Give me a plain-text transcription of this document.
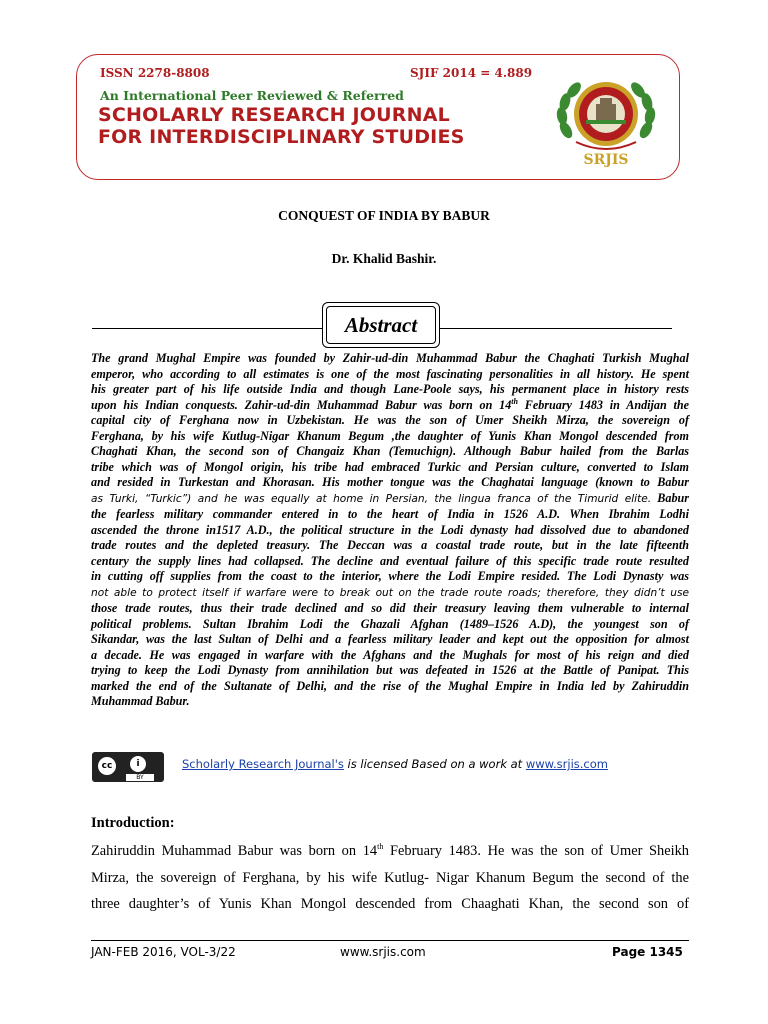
ISSN 2278-8808	SJIF 2014 = 4.889
An International Peer Reviewed & Referred
SCHOLARLY RESEARCH JOURNAL
FOR INTERDISCIPLINARY STUDIES
SRJIS
CONQUEST OF INDIA BY BABUR
Dr. Khalid Bashir.
Abstract
The grand Mughal Empire was founded by Zahir-ud-din Muhammad Babur the Chaghati Turkish Mughal
emperor, who according to all estimates is one of the most fascinating personalities in all history. He spent
his greater part of his life outside India and though Lane-Poole says, his permanent place in history rests
upon his Indian conquests. Zahir-ud-din Muhammad Babur was born on 14th February 1483 in Andijan the
capital city of Ferghana now in Uzbekistan. He was the son of Umer Sheikh Mirza, the sovereign of
Ferghana, by his wife Kutlug-Nigar Khanum Begum ,the daughter of Yunis Khan Mongol descended from
Chaghati Khan, the second son of Changaiz Khan (Temuchign). Although Babur hailed from the Barlas
tribe which was of Mongol origin, his tribe had embraced Turkic and Persian culture, converted to Islam
and resided in Turkestan and Khorasan. His mother tongue was the Chaghatai language (known to Babur
as Turki, “Turkic”) and he was equally at home in Persian, the lingua franca of the Timurid elite. Babur
the fearless military commander entered in to the heart of India in 1526 A.D. When Ibrahim Lodhi
ascended the throne in1517 A.D., the political structure in the Lodi dynasty had dissolved due to abandoned
trade routes and the depleted treasury. The Deccan was a coastal trade route, but in the late fifteenth
century the supply lines had collapsed. The decline and eventual failure of this specific trade route resulted
in cutting off supplies from the coast to the interior, where the Lodi Empire resided. The Lodi Dynasty was
not able to protect itself if warfare were to break out on the trade route roads; therefore, they didn’t use
those trade routes, thus their trade declined and so did their treasury leaving them vulnerable to internal
political problems. Sultan Ibrahim Lodi the Ghazali Afghan (1489–1526 A.D), the youngest son of
Sikandar, was the last Sultan of Delhi and a fearless military leader and kept out the opposition for almost
a decade. He was engaged in warfare with the Afghans and the Mughals for most of his reign and died
trying to keep the Lodi Dynasty from annihilation but was defeated in 1526 at the Battle of Panipat. This
marked the end of the Sultanate of Delhi, and the rise of the Mughal Empire in India led by Zahiruddin
Muhammad Babur.
cc	i
BY
Scholarly Research Journal's is licensed Based on a work at www.srjis.com
Introduction:
Zahiruddin Muhammad Babur was born on 14th February 1483. He was the son of Umer Sheikh
Mirza, the sovereign of Ferghana, by his wife Kutlug- Nigar Khanum Begum the second of the
three daughter’s of Yunis Khan Mongol descended from Chaaghati Khan, the second son of
JAN-FEB 2016, VOL-3/22	www.srjis.com	Page 1345
